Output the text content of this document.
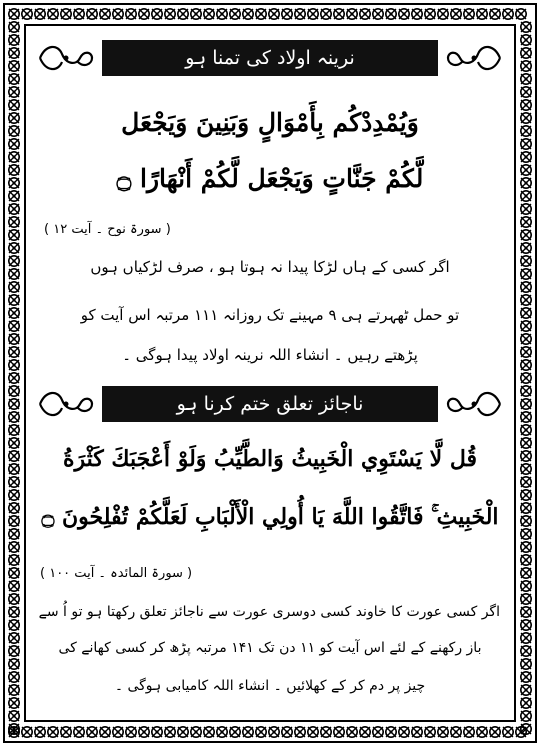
نرینہ اولاد کی تمنا ہو
وَيُمْدِدْكُم بِأَمْوَالٍ وَبَنِينَ وَيَجْعَل
لَّكُمْ جَنَّاتٍ وَيَجْعَل لَّكُمْ أَنْهَارًا ۝
( سورۃ نوح ۔ آیت ۱۲ )
اگر کسی کے ہاں لڑکا پیدا نہ ہوتا ہو ، صرف لڑکیاں ہوں
تو حمل ٹھہرتے ہی ۹ مہینے تک روزانہ ۱۱۱ مرتبہ اس آیت کو
پڑھتے رہیں ۔ انشاء اللہ نرینہ اولاد پیدا ہوگی ۔
ناجائز تعلق ختم کرنا ہو
قُل لَّا يَسْتَوِي الْخَبِيثُ وَالطَّيِّبُ وَلَوْ أَعْجَبَكَ كَثْرَةُ
الْخَبِيثِ ۚ فَاتَّقُوا اللَّهَ يَا أُولِي الْأَلْبَابِ لَعَلَّكُمْ تُفْلِحُونَ ۝
( سورۃ المائدہ ۔ آیت ۱۰۰ )
اگر کسی عورت کا خاوند کسی دوسری عورت سے ناجائز تعلق رکھتا ہو تو اُ سے
باز رکھنے کے لئے اس آیت کو ۱۱ دن تک ۱۴۱ مرتبہ پڑھ کر کسی کھانے کی
چیز پر دم کر کے کھلائیں ۔ انشاء اللہ کامیابی ہوگی ۔
